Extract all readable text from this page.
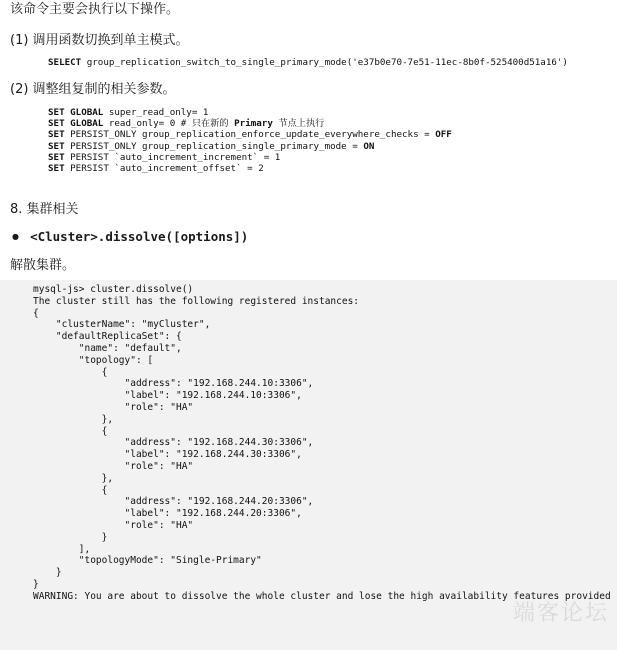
该命令主要会执行以下操作。

(1) 调用函数切换到单主模式。

SELECT group_replication_switch_to_single_primary_mode('e37b0e70-7e51-11ec-8b0f-525400d51a16')

(2) 调整组复制的相关参数。

SET GLOBAL super_read_only= 1
SET GLOBAL read_only= 0 # 只在新的 Primary 节点上执行
SET PERSIST_ONLY group_replication_enforce_update_everywhere_checks = OFF
SET PERSIST_ONLY group_replication_single_primary_mode = ON
SET PERSIST `auto_increment_increment` = 1
SET PERSIST `auto_increment_offset` = 2

8. 集群相关

● <Cluster>.dissolve([options])

解散集群。

mysql-js> cluster.dissolve()
The cluster still has the following registered instances:
{
"clusterName": "myCluster",
"defaultReplicaSet": {
"name": "default",
"topology": [
{
"address": "192.168.244.10:3306",
"label": "192.168.244.10:3306",
"role": "HA"
},
{
"address": "192.168.244.30:3306",
"label": "192.168.244.30:3306",
"role": "HA"
},
{
"address": "192.168.244.20:3306",
"label": "192.168.244.20:3306",
"role": "HA"
}
],
"topologyMode": "Single-Primary"
}
}
WARNING: You are about to dissolve the whole cluster and lose the high availability features provided
端客论坛
